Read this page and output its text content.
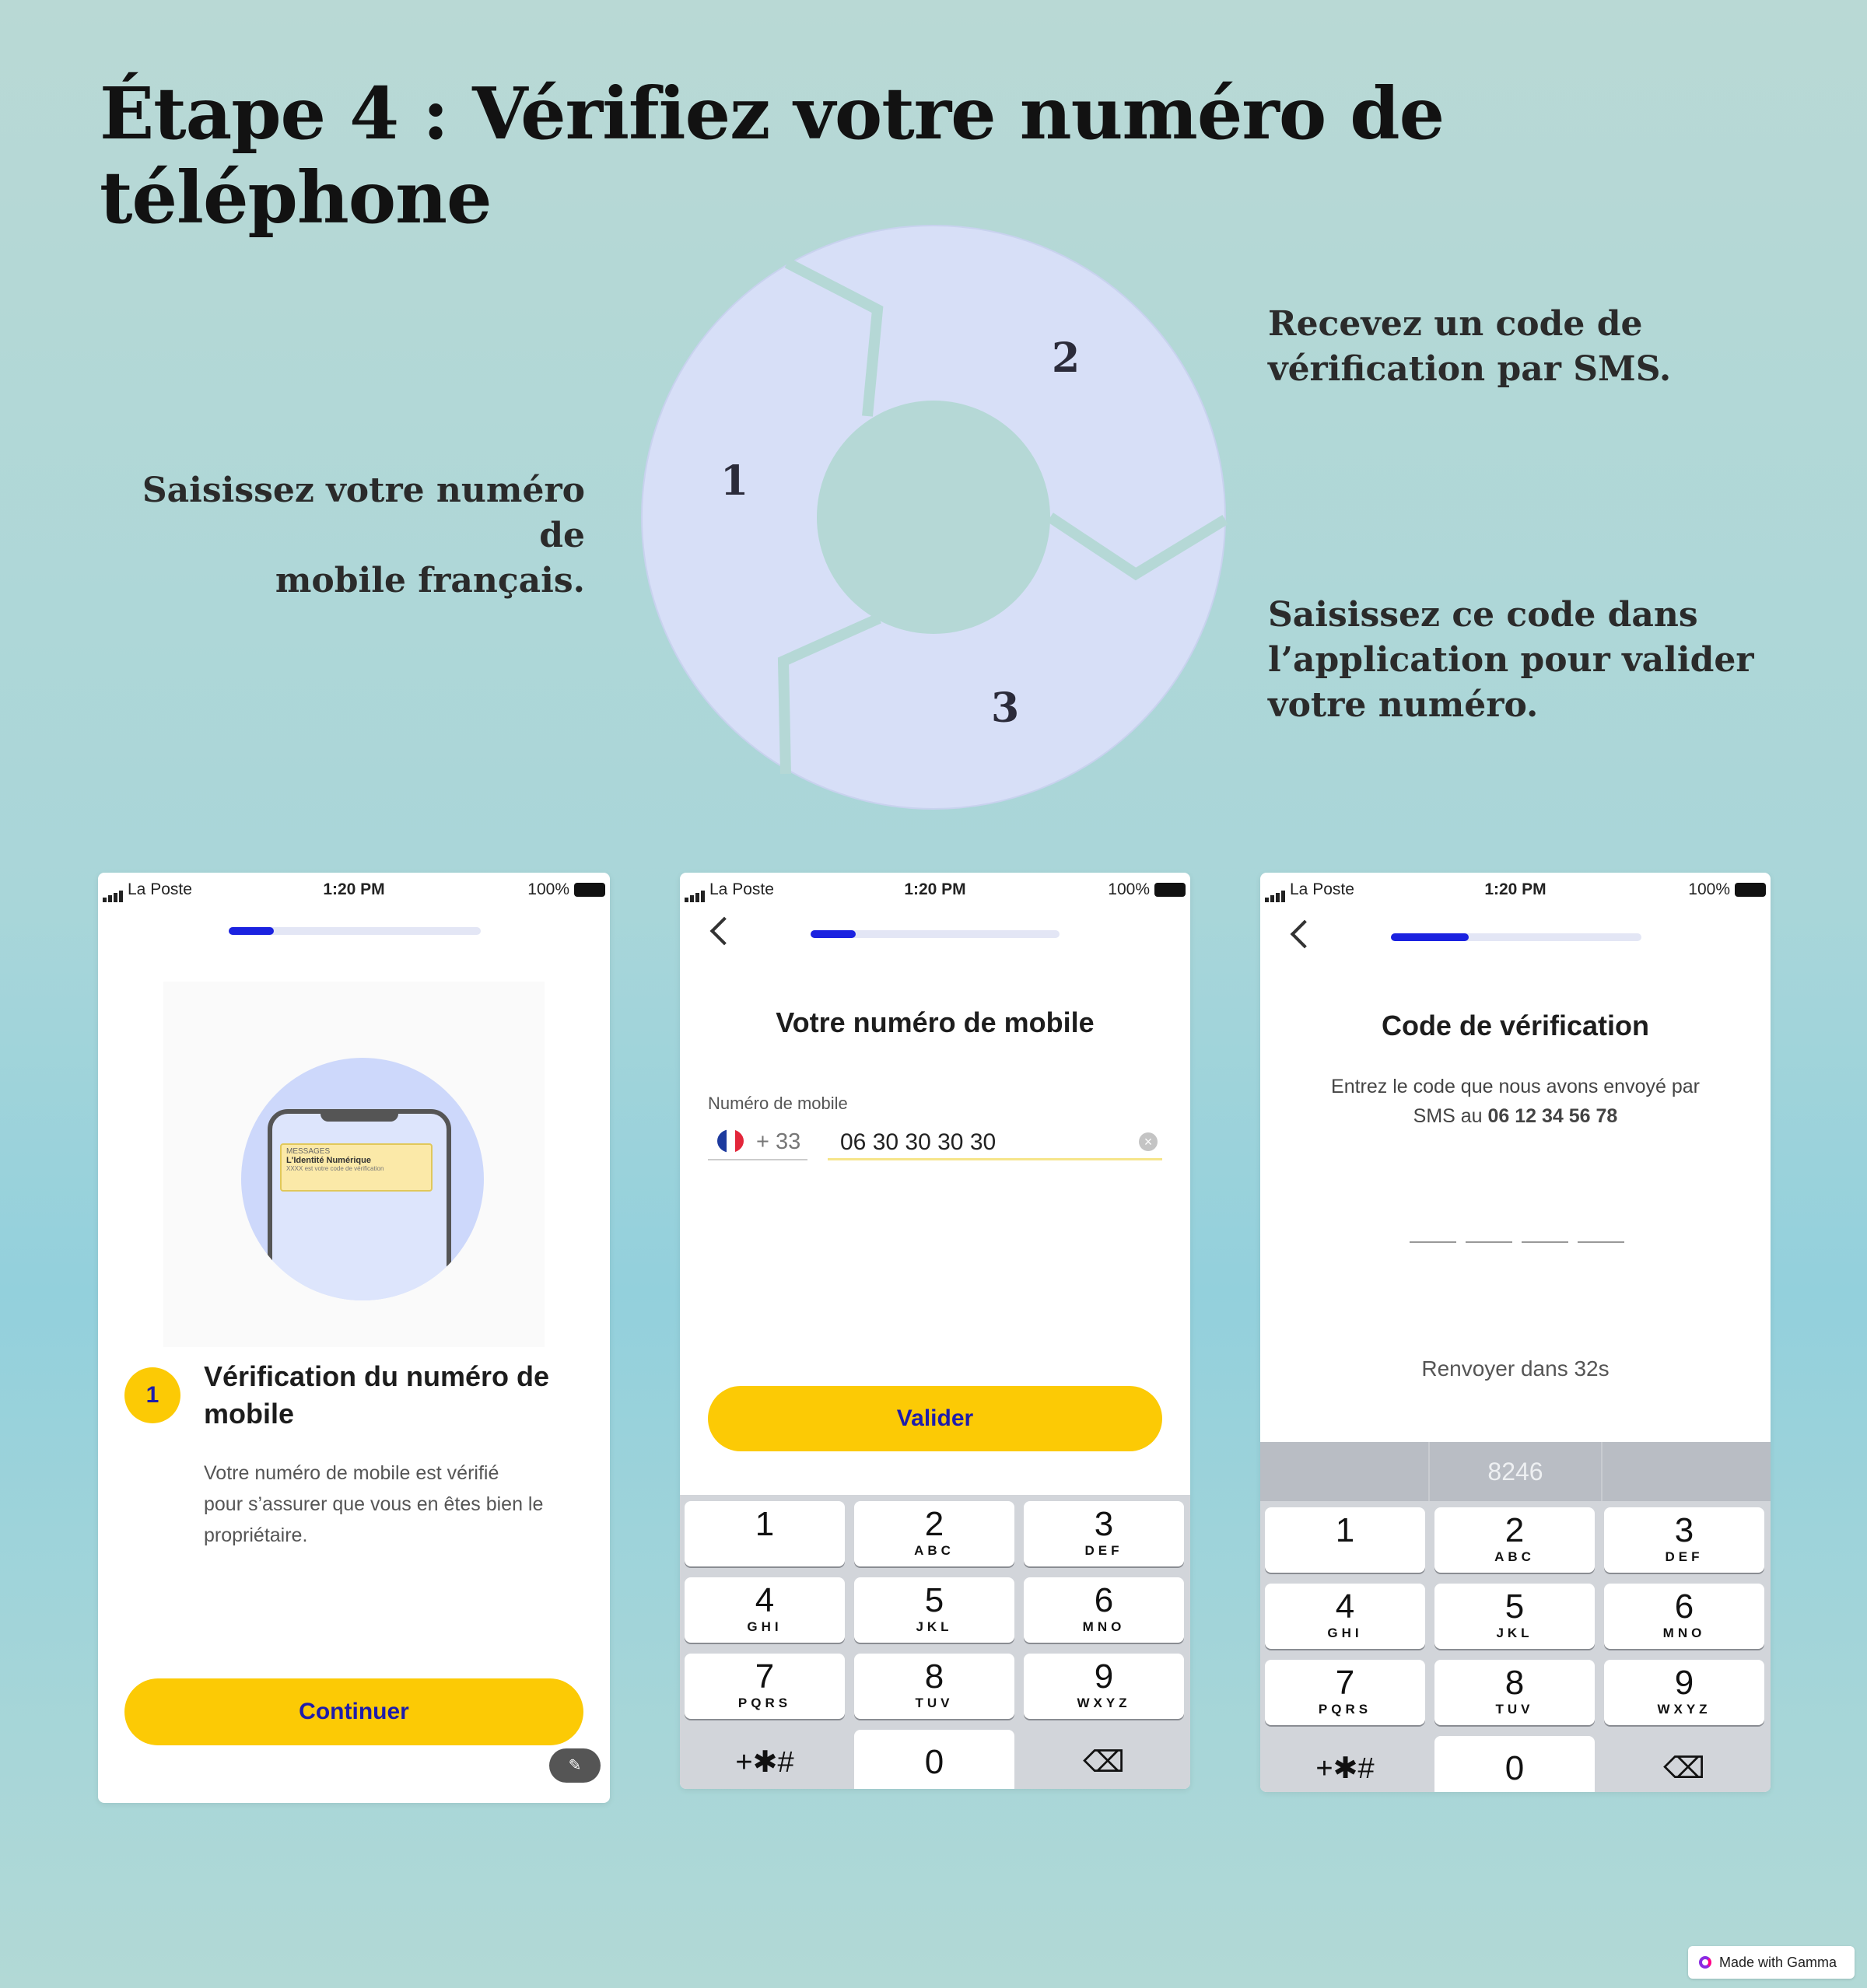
Étape 4 : Vérifiez votre numéro de téléphone
1
2
3
Saisissez votre numéro de
mobile français.
Recevez un code de
vérification par SMS.
Saisissez ce code dans
l’application pour valider
votre numéro.
La Poste	1:20 PM	100%
MESSAGES
L'Identité Numérique
XXXX est votre code de vérification
1
Vérification du numéro de
mobile
Votre numéro de mobile est vérifié
pour s’assurer que vous en êtes bien le
propriétaire.
Continuer
✎
La Poste	1:20 PM	100%
Votre numéro de mobile
Numéro de mobile
+ 33 06 30 30 30 30	×
Valider
1	2
ABC
3
DEF
4
GHI
5
JKL
6
MNO
7
PQRS
8
TUV
9
WXYZ
+✱#	0	⌫
La Poste	1:20 PM	100%
Code de vérification
Entrez le code que nous avons envoyé par
SMS au 06 12 34 56 78
Renvoyer dans 32s
8246
1	2
ABC
3
DEF
4
GHI
5
JKL
6
MNO
7
PQRS
8
TUV
9
WXYZ
+✱#	0	⌫
Made with Gamma
